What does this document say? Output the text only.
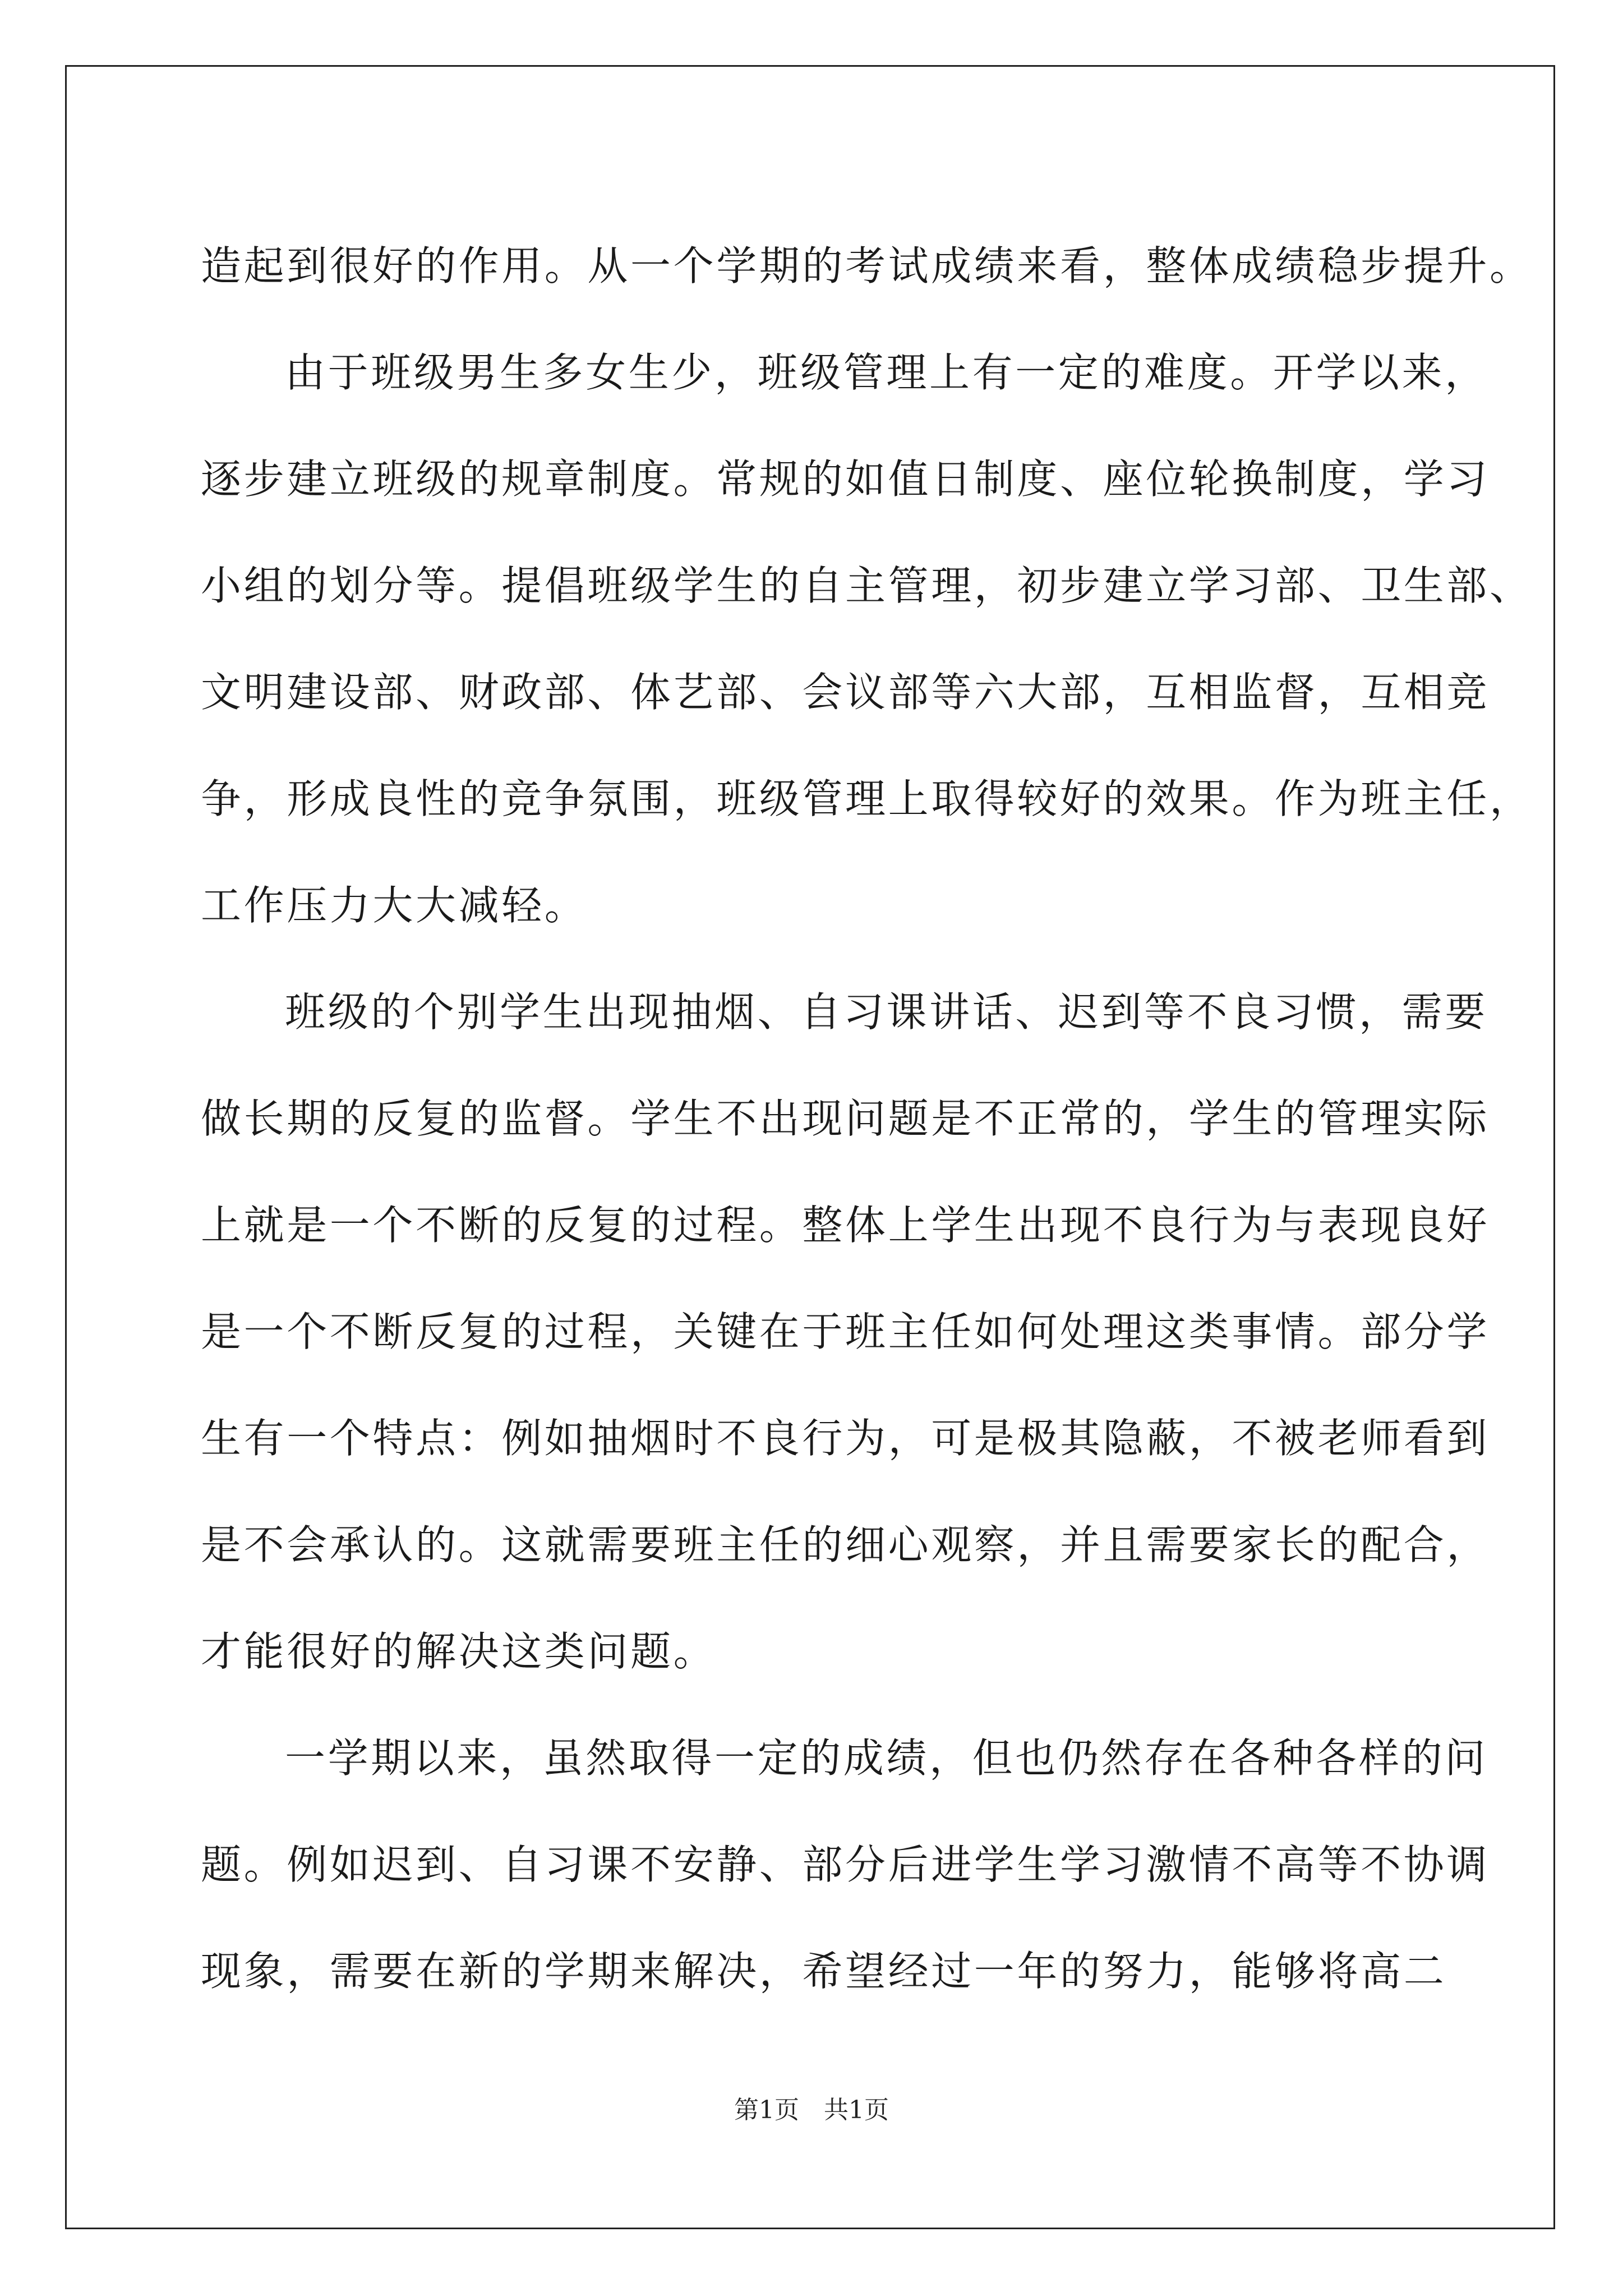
造起到很好的作用。从一个学期的考试成绩来看，整体成绩稳步提升。
由于班级男生多女生少，班级管理上有一定的难度。开学以来，
逐步建立班级的规章制度。常规的如值日制度、座位轮换制度，学习
小组的划分等。提倡班级学生的自主管理，初步建立学习部、卫生部、
文明建设部、财政部、体艺部、会议部等六大部，互相监督，互相竞
争，形成良性的竞争氛围，班级管理上取得较好的效果。作为班主任，
工作压力大大减轻。
班级的个别学生出现抽烟、自习课讲话、迟到等不良习惯，需要
做长期的反复的监督。学生不出现问题是不正常的，学生的管理实际
上就是一个不断的反复的过程。整体上学生出现不良行为与表现良好
是一个不断反复的过程，关键在于班主任如何处理这类事情。部分学
生有一个特点：例如抽烟时不良行为，可是极其隐蔽，不被老师看到
是不会承认的。这就需要班主任的细心观察，并且需要家长的配合，
才能很好的解决这类问题。
一学期以来，虽然取得一定的成绩，但也仍然存在各种各样的问
题。例如迟到、自习课不安静、部分后进学生学习激情不高等不协调
现象，需要在新的学期来解决，希望经过一年的努力，能够将高二
第1页　共1页
